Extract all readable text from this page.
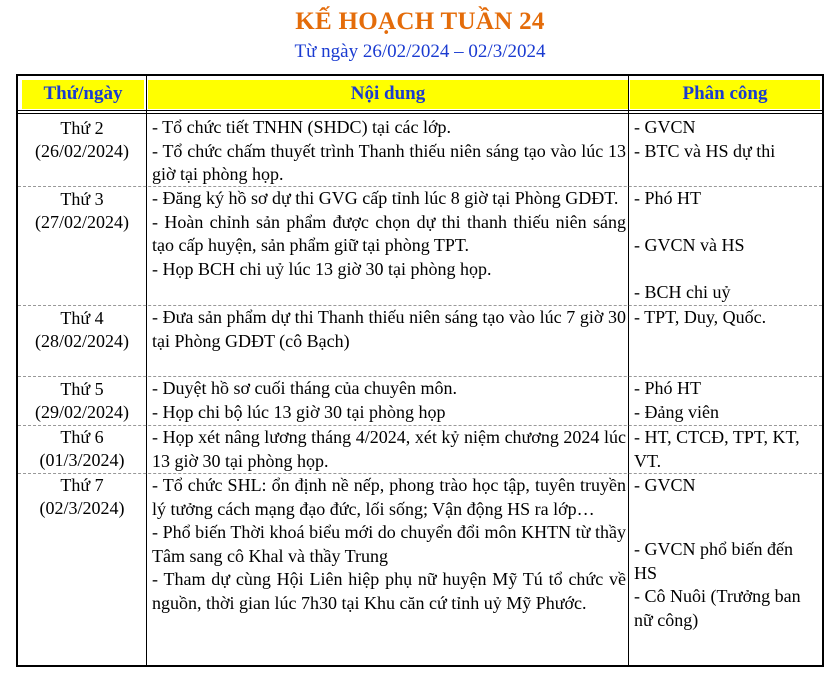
KẾ HOẠCH TUẦN 24
Từ ngày 26/02/2024 – 02/3/2024
Thứ/ngày	Nội dung	Phân công
Thứ 2
(26/02/2024)
- Tổ chức tiết TNHN (SHDC) tại các lớp.
- Tổ chức chấm thuyết trình Thanh thiếu niên sáng tạo vào lúc 13 giờ tại phòng họp.
- GVCN
- BTC và HS dự thi
Thứ 3
(27/02/2024)
- Đăng ký hồ sơ dự thi GVG cấp tỉnh lúc 8 giờ tại Phòng GDĐT.
- Hoàn chỉnh sản phẩm được chọn dự thi thanh thiếu niên sáng tạo cấp huyện, sản phẩm giữ tại phòng TPT.
- Họp BCH chi uỷ lúc 13 giờ 30 tại phòng họp.
- Phó HT
- GVCN và HS
- BCH chi uỷ
Thứ 4
(28/02/2024)
- Đưa sản phẩm dự thi Thanh thiếu niên sáng tạo vào lúc 7 giờ 30 tại Phòng GDĐT (cô Bạch)
- TPT, Duy, Quốc.
Thứ 5
(29/02/2024)
- Duyệt hồ sơ cuối tháng của chuyên môn.
- Họp chi bộ lúc 13 giờ 30 tại phòng họp
- Phó HT
- Đảng viên
Thứ 6
(01/3/2024)
- Họp xét nâng lương tháng 4/2024, xét kỷ niệm chương 2024 lúc 13 giờ 30 tại phòng họp.
- HT, CTCĐ, TPT, KT, VT.
Thứ 7
(02/3/2024)
- Tổ chức SHL: ổn định nề nếp, phong trào học tập, tuyên truyền lý tưởng cách mạng đạo đức, lối sống; Vận động HS ra lớp…
- Phổ biến Thời khoá biểu mới do chuyển đổi môn KHTN từ thầy Tâm sang cô Khal và thầy Trung
- Tham dự cùng Hội Liên hiệp phụ nữ huyện Mỹ Tú tổ chức về nguồn, thời gian lúc 7h30 tại Khu căn cứ tỉnh uỷ Mỹ Phước.
- GVCN
- GVCN phổ biến đến HS
- Cô Nuôi (Trưởng ban nữ công)
